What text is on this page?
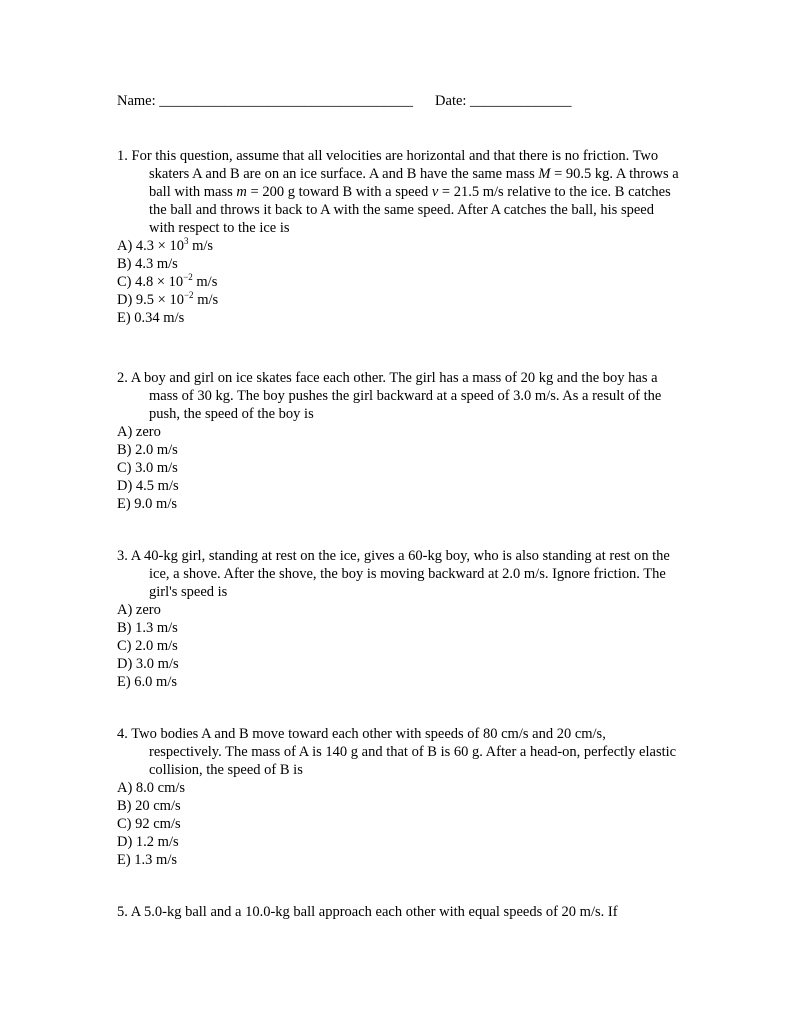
Name: ___________________________________ Date: ______________

1. For this question, assume that all velocities are horizontal and that there is no friction. Two skaters A and B are on an ice surface. A and B have the same mass M = 90.5 kg. A throws a ball with mass m = 200 g toward B with a speed v = 21.5 m/s relative to the ice. B catches the ball and throws it back to A with the same speed. After A catches the ball, his speed with respect to the ice is

A) $4.3 \times 10^3$ m/s
B) 4.3 m/s
C) $4.8 \times 10^{-2}$ m/s
D) $9.5 \times 10^{-2}$ m/s
E) 0.34 m/s

2. A boy and girl on ice skates face each other. The girl has a mass of 20 kg and the boy has a mass of 30 kg. The boy pushes the girl backward at a speed of 3.0 m/s. As a result of the push, the speed of the boy is

A) zero
B) 2.0 m/s
C) 3.0 m/s
D) 4.5 m/s
E) 9.0 m/s

3. A 40-kg girl, standing at rest on the ice, gives a 60-kg boy, who is also standing at rest on the ice, a shove. After the shove, the boy is moving backward at 2.0 m/s. Ignore friction. The girl's speed is

A) zero
B) 1.3 m/s
C) 2.0 m/s
D) 3.0 m/s
E) 6.0 m/s

4. Two bodies A and B move toward each other with speeds of 80 cm/s and 20 cm/s, respectively. The mass of A is 140 g and that of B is 60 g. After a head-on, perfectly elastic collision, the speed of B is

A) 8.0 cm/s
B) 20 cm/s
C) 92 cm/s
D) 1.2 m/s
E) 1.3 m/s

5. A 5.0-kg ball and a 10.0-kg ball approach each other with equal speeds of 20 m/s. If
